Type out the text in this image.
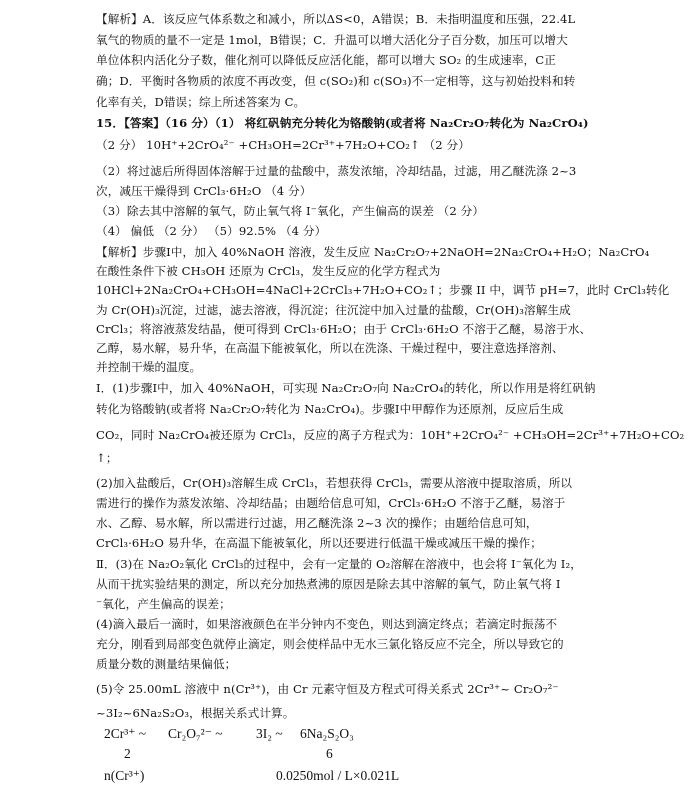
【解析】A．该反应气体系数之和减小，所以ΔS<0，A错误；B．未指明温度和压强，22.4L
氧气的物质的量不一定是 1mol，B错误；C．升温可以增大活化分子百分数，加压可以增大
单位体积内活化分子数，催化剂可以降低反应活化能，都可以增大 SO₂ 的生成速率，C正
确；D．平衡时各物质的浓度不再改变，但 c(SO₂)和 c(SO₃)不一定相等，这与初始投料和转
化率有关，D错误；综上所述答案为 C。
15．【答案】（16 分）（1） 将红矾钠充分转化为铬酸钠(或者将 Na₂Cr₂O₇转化为 Na₂CrO₄)
（2 分） 10H⁺+2CrO₄²⁻ +CH₃OH=2Cr³⁺+7H₂O+CO₂↑ （2 分）
（2）将过滤后所得固体溶解于过量的盐酸中，蒸发浓缩，冷却结晶，过滤，用乙醚洗涤 2~3
次，减压干燥得到 CrCl₃·6H₂O （4 分）
（3）除去其中溶解的氧气，防止氧气将 I⁻氧化，产生偏高的误差 （2 分）
（4） 偏低 （2 分） （5）92.5% （4 分）
【解析】步骤Ⅰ中，加入 40%NaOH 溶液，发生反应 Na₂Cr₂O₇+2NaOH=2Na₂CrO₄+H₂O；Na₂CrO₄
在酸性条件下被 CH₃OH 还原为 CrCl₃，发生反应的化学方程式为
10HCl+2Na₂CrO₄+CH₃OH=4NaCl+2CrCl₃+7H₂O+CO₂↑；步骤 II 中，调节 pH=7，此时 CrCl₃转化
为 Cr(OH)₃沉淀，过滤，滤去溶液，得沉淀；往沉淀中加入过量的盐酸，Cr(OH)₃溶解生成
CrCl₃；将溶液蒸发结晶，便可得到 CrCl₃·6H₂O；由于 CrCl₃·6H₂O 不溶于乙醚，易溶于水、
乙醇，易水解，易升华，在高温下能被氧化，所以在洗涤、干燥过程中，要注意选择溶剂、
并控制干燥的温度。
Ⅰ．(1)步骤Ⅰ中，加入 40%NaOH，可实现 Na₂Cr₂O₇向 Na₂CrO₄的转化，所以作用是将红矾钠
转化为铬酸钠(或者将 Na₂Cr₂O₇转化为 Na₂CrO₄)。步骤Ⅰ中甲醇作为还原剂，反应后生成
CO₂，同时 Na₂CrO₄被还原为 CrCl₃，反应的离子方程式为：10H⁺+2CrO₄²⁻ +CH₃OH=2Cr³⁺+7H₂O+CO₂
↑；
(2)加入盐酸后，Cr(OH)₃溶解生成 CrCl₃，若想获得 CrCl₃，需要从溶液中提取溶质，所以
需进行的操作为蒸发浓缩、冷却结晶；由题给信息可知，CrCl₃·6H₂O 不溶于乙醚，易溶于
水、乙醇、易水解，所以需进行过滤，用乙醚洗涤 2~3 次的操作；由题给信息可知，
CrCl₃·6H₂O 易升华，在高温下能被氧化，所以还要进行低温干燥或减压干燥的操作；
Ⅱ．(3)在 Na₂O₂氧化 CrCl₃的过程中，会有一定量的 O₂溶解在溶液中，也会将 I⁻氧化为 I₂，
从而干扰实验结果的测定，所以充分加热煮沸的原因是除去其中溶解的氧气，防止氧气将 I
⁻氧化，产生偏高的误差；
(4)滴入最后一滴时，如果溶液颜色在半分钟内不变色，则达到滴定终点；若滴定时振荡不
充分，刚看到局部变色就停止滴定，则会使样品中无水三氯化铬反应不完全，所以导致它的
质量分数的测量结果偏低；
(5)令 25.00mL 溶液中 n(Cr³⁺)，由 Cr 元素守恒及方程式可得关系式 2Cr³⁺~ Cr₂O₇²⁻
~3I₂~6Na₂S₂O₃，根据关系式计算。
2Cr³⁺ ~ Cr₂O₇²⁻ ~ 3I₂ ~ 6Na₂S₂O₃
2	6
n(Cr³⁺)	0.0250mol / L×0.021L
